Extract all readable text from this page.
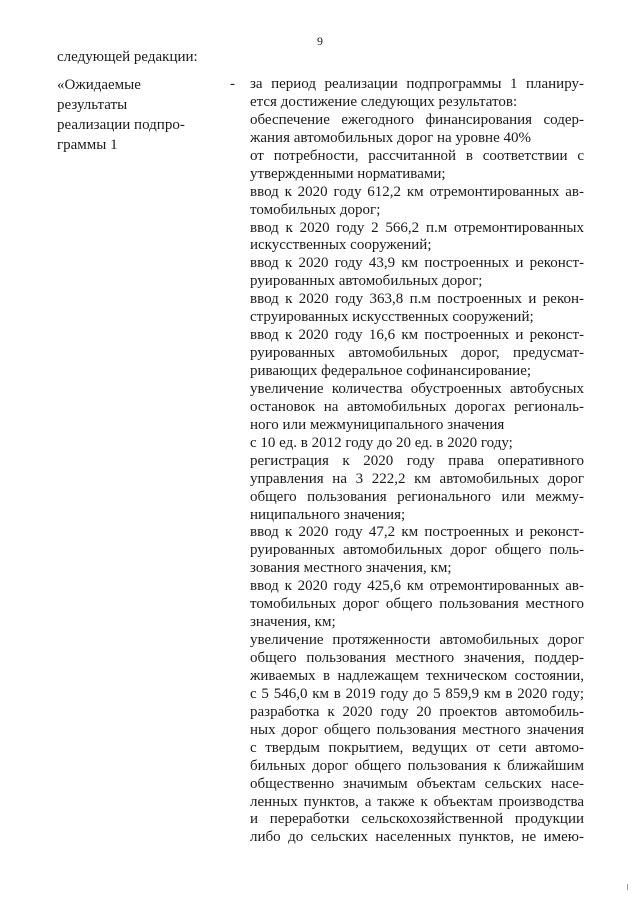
9
следующей редакции:
«Ожидаемые
результаты
реализации подпро-
граммы 1
- за период реализации подпрограммы 1 планиру-
ется достижение следующих результатов:
обеспечение ежегодного финансирования содер-
жания автомобильных дорог на уровне 40%
от потребности, рассчитанной в соответствии с
утвержденными нормативами;
ввод к 2020 году 612,2 км отремонтированных ав-
томобильных дорог;
ввод к 2020 году 2 566,2 п.м отремонтированных
искусственных сооружений;
ввод к 2020 году 43,9 км построенных и реконст-
руированных автомобильных дорог;
ввод к 2020 году 363,8 п.м построенных и рекон-
струированных искусственных сооружений;
ввод к 2020 году 16,6 км построенных и реконст-
руированных автомобильных дорог, предусмат-
ривающих федеральное софинансирование;
увеличение количества обустроенных автобусных
остановок на автомобильных дорогах региональ-
ного или межмуниципального значения
с 10 ед. в 2012 году до 20 ед. в 2020 году;
регистрация к 2020 году права оперативного
управления на 3 222,2 км автомобильных дорог
общего пользования регионального или межму-
ниципального значения;
ввод к 2020 году 47,2 км построенных и реконст-
руированных автомобильных дорог общего поль-
зования местного значения, км;
ввод к 2020 году 425,6 км отремонтированных ав-
томобильных дорог общего пользования местного
значения, км;
увеличение протяженности автомобильных дорог
общего пользования местного значения, поддер-
живаемых в надлежащем техническом состоянии,
с 5 546,0 км в 2019 году до 5 859,9 км в 2020 году;
разработка к 2020 году 20 проектов автомобиль-
ных дорог общего пользования местного значения
с твердым покрытием, ведущих от сети автомо-
бильных дорог общего пользования к ближайшим
общественно значимым объектам сельских насе-
ленных пунктов, а также к объектам производства
и переработки сельскохозяйственной продукции
либо до сельских населенных пунктов, не имею-
